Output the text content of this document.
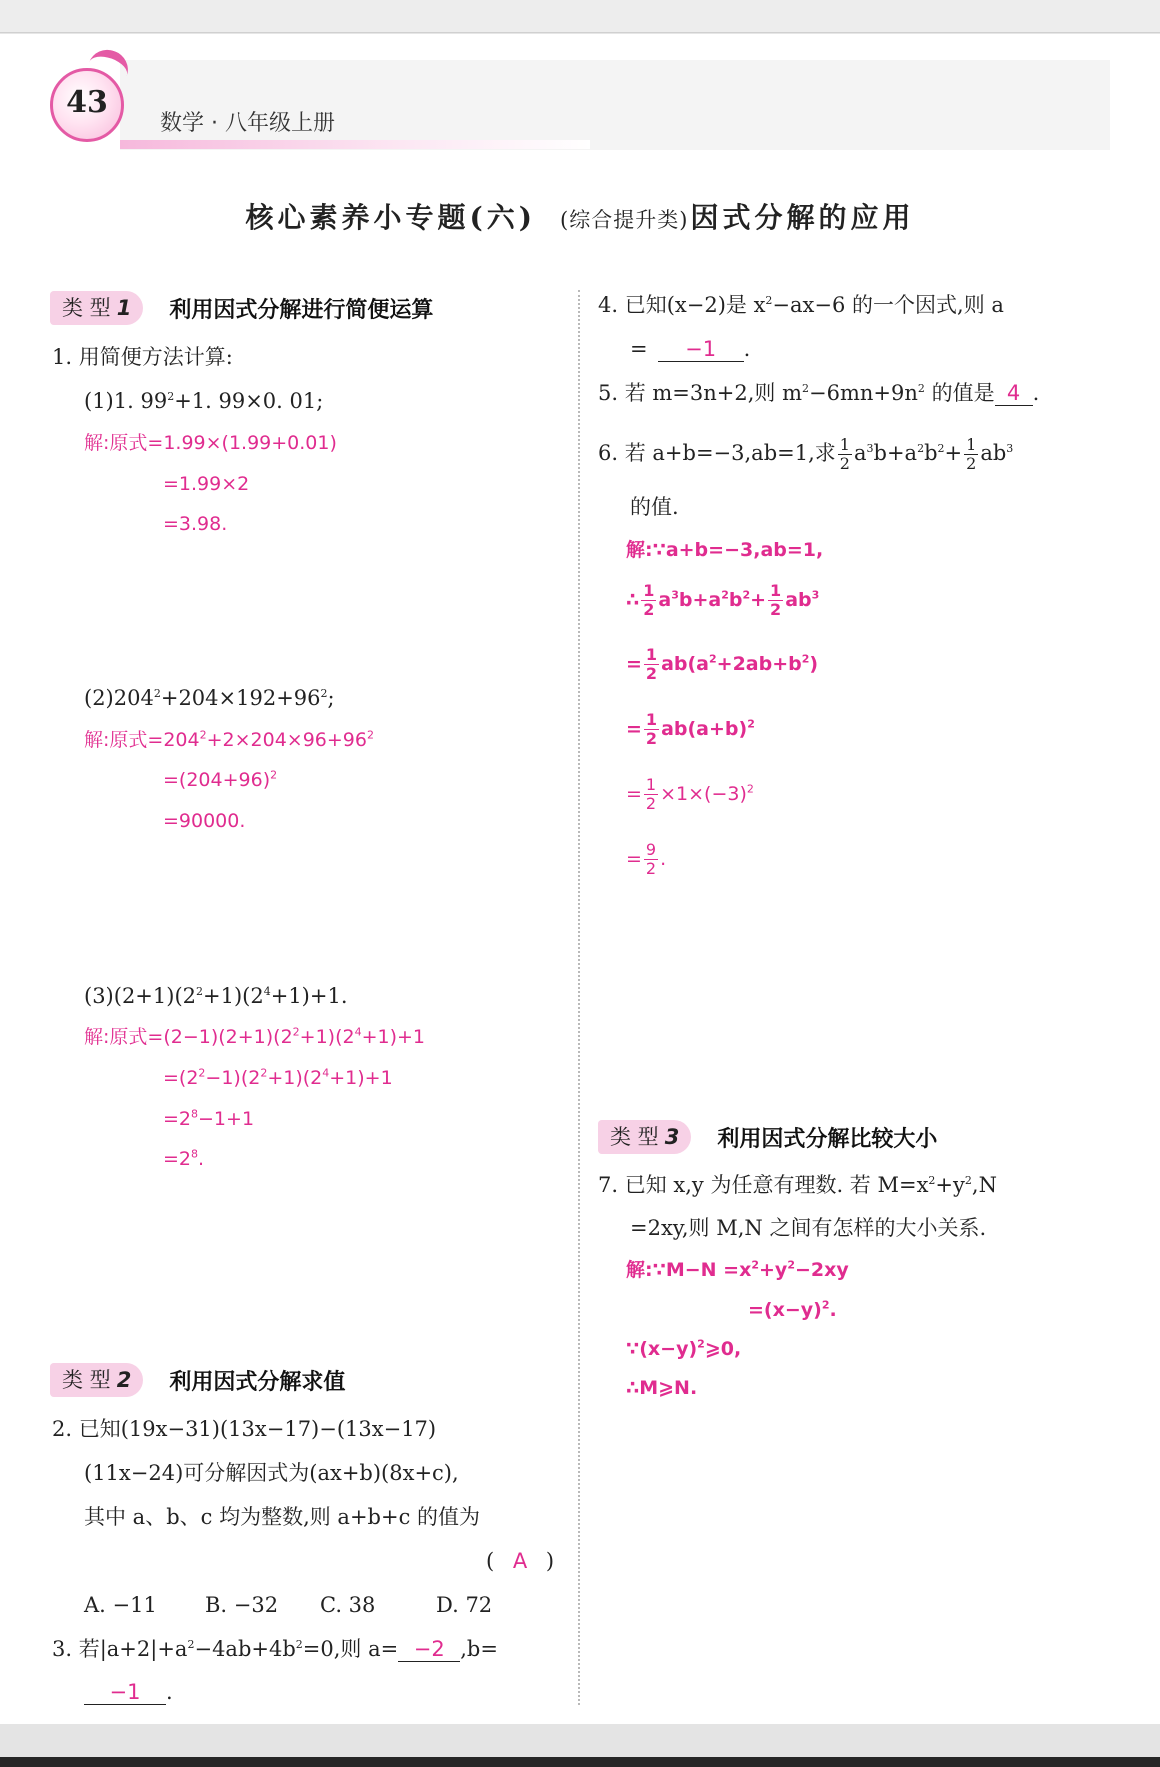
43
数学 · 八年级上册
核心素养小专题(六) (综合提升类)因式分解的应用
类 型 1	利用因式分解进行简便运算
1. 用简便方法计算:
(1)1. $99^2+1$. 99×0. 01;
解:原式=1.99×(1.99+0.01)
=1.99×2
=3.98.
$(2)204^2+204\times 192+96^2$;
解:原式$=204^2+2\times 204\times 96+96^2$
$=(204+96)^2$
=90000.
$(3)(2+1)(2^2+1)(2^4+1)+1$.
解:原式$=(2-1)(2+1)(2^2+1)(2^4+1)+1$
$=(2^2-1)(2^2+1)(2^4+1)+1$
$=2^8-1+1$
$=2^8$.
类 型 2	利用因式分解求值
2. 已知(19x−31)(13x−17)−(13x−17)
(11x−24)可分解因式为(ax+b)(8x+c),
其中 a、b、c 均为整数,则 a+b+c 的值为
( A )
A. −11 B. −32 C. 38	D. 72
3. 若$|a+2|+a^2-4ab+4b^2=0$,则 a= −2 ,b=
−1 .
4. 已知(x−2)是 $x^2-ax-6$ 的一个因式,则 a
= −1 .
5. 若 m=3n+2,则 $m^2-6mn+9n^2$ 的值是 4 .
6. 若 a+b=−3,ab=1,求 $\frac{1}{2} a^3b+a^2b^2+ \frac{1}{2} ab^3$
的值.
解:∵a+b=−3,ab=1,
∴ $\frac{1}{2} a^3b+a^2b^2+ \frac{1}{2} ab^3$
= $\frac{1}{2} ab(a^2+2ab+b^2)$
= $\frac{1}{2} ab(a+b)^2$
= $\frac{1}{2} \times 1\times(-3)^2$
= $\frac{9}{2}$ .
类 型 3	利用因式分解比较大小
7. 已知 x,y 为任意有理数. 若 $M=x^2+y^2,N$
=2xy,则 M,N 之间有怎样的大小关系.
解:∵M−N $=x^2+y^2-2xy$
$=(x-y)^2$.
$\because(x-y)^2⩾0$,
∴M⩾N.
